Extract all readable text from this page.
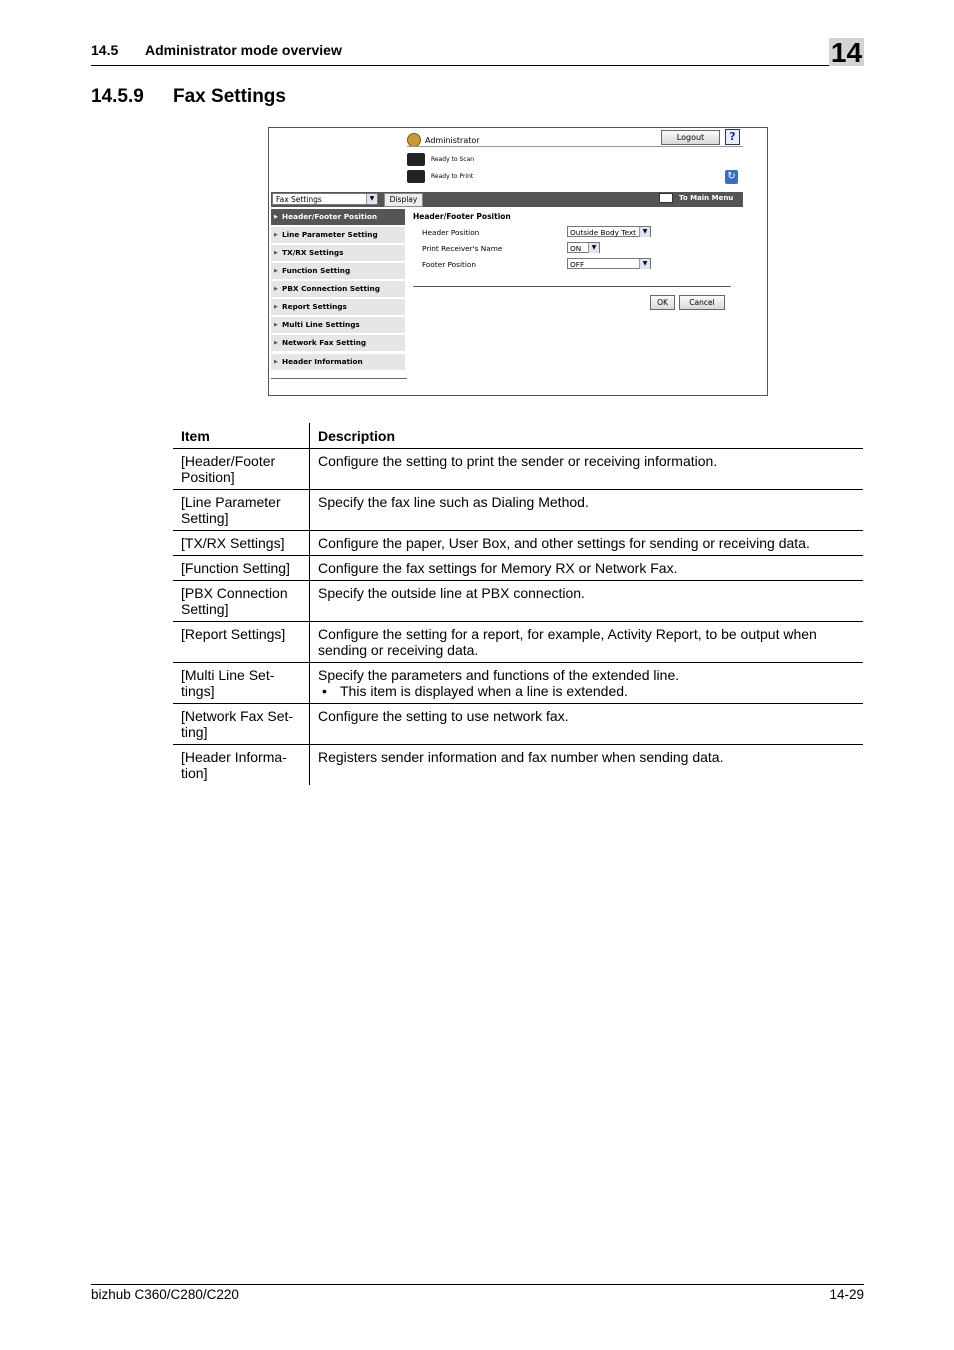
14.5 Administrator mode overview	14
14.5.9 Fax Settings
Administrator	Logout	?
Ready to Scan
Ready to Print	↻
Fax Settings	▼	Display	To Main Menu
▶ Header/Footer Position
▶ Line Parameter Setting
▶ TX/RX Settings
▶ Function Setting
▶ PBX Connection Setting
▶ Report Settings
▶ Multi Line Settings
▶ Network Fax Setting
▶ Header Information
Header/Footer Position
Header Position	Outside Body Text	▼
Print Receiver's Name	ON	▼
Footer Position	OFF	▼
OK	Cancel
Item	Description
[Header/Footer Position]	Configure the setting to print the sender or receiving information.
[Line Parameter Setting]	Specify the fax line such as Dialing Method.
[TX/RX Settings]	Configure the paper, User Box, and other settings for sending or receiving data.
[Function Setting]	Configure the fax settings for Memory RX or Network Fax.
[PBX Connection Setting]	Specify the outside line at PBX connection.
[Report Settings]	Configure the setting for a report, for example, Activity Report, to be output when sending or receiving data.
[Multi Line Set-tings]	Specify the parameters and functions of the extended line.
• This item is displayed when a line is extended.

[Network Fax Set-ting]	Configure the setting to use network fax.
[Header Informa-tion]	Registers sender information and fax number when sending data.
bizhub C360/C280/C220	14-29
